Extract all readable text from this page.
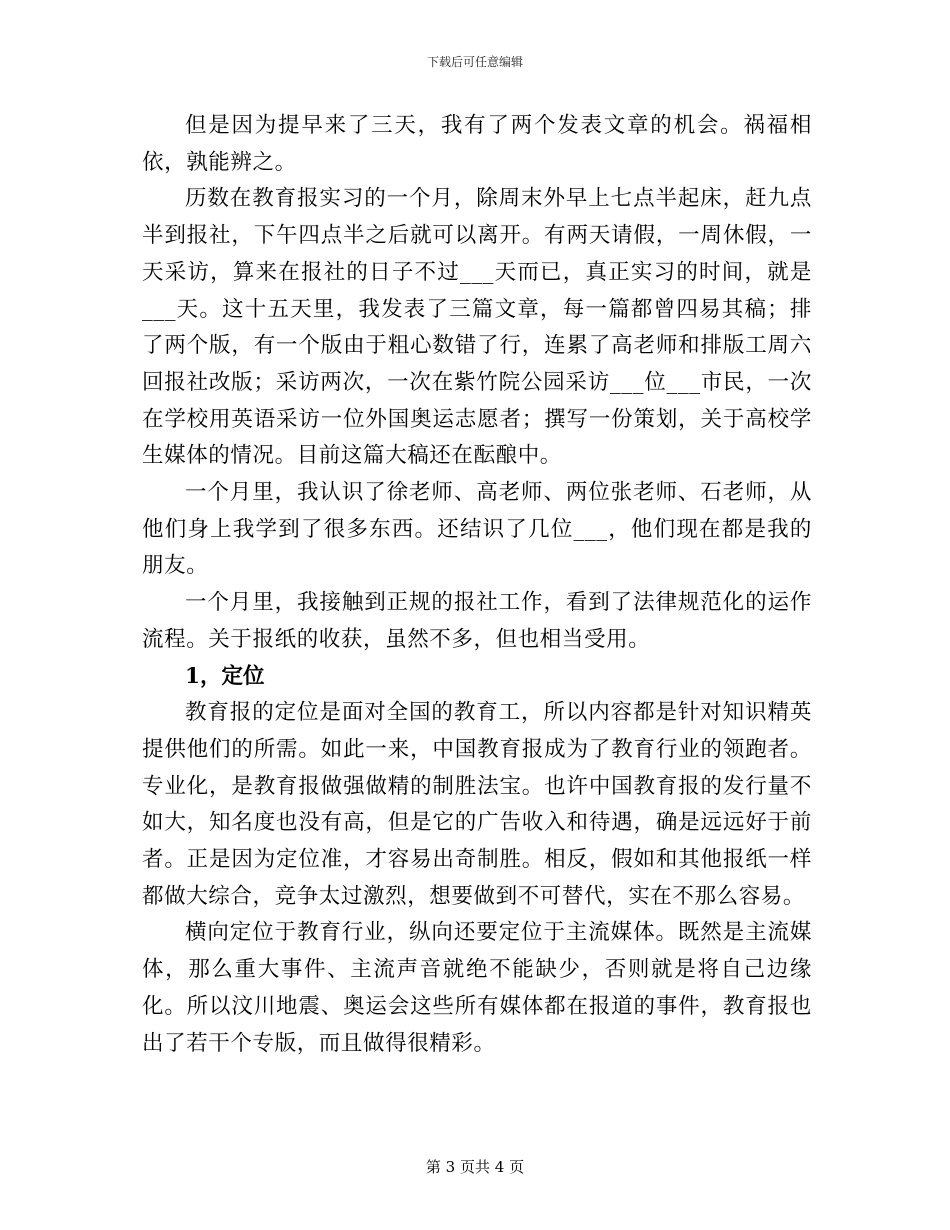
下载后可任意编辑

但是因为提早来了三天，我有了两个发表文章的机会。祸福相依，孰能辨之。

历数在教育报实习的一个月，除周末外早上七点半起床，赶九点半到报社，下午四点半之后就可以离开。有两天请假，一周休假，一天采访，算来在报社的日子不过___天而已，真正实习的时间，就是___天。这十五天里，我发表了三篇文章，每一篇都曾四易其稿；排了两个版，有一个版由于粗心数错了行，连累了高老师和排版工周六回报社改版；采访两次，一次在紫竹院公园采访___位___市民，一次在学校用英语采访一位外国奥运志愿者；撰写一份策划，关于高校学生媒体的情况。目前这篇大稿还在酝酿中。

一个月里，我认识了徐老师、高老师、两位张老师、石老师，从他们身上我学到了很多东西。还结识了几位___，他们现在都是我的朋友。

一个月里，我接触到正规的报社工作，看到了法律规范化的运作流程。关于报纸的收获，虽然不多，但也相当受用。

1，定位

教育报的定位是面对全国的教育工，所以内容都是针对知识精英提供他们的所需。如此一来，中国教育报成为了教育行业的领跑者。专业化，是教育报做强做精的制胜法宝。也许中国教育报的发行量不如大，知名度也没有高，但是它的广告收入和待遇，确是远远好于前者。正是因为定位准，才容易出奇制胜。相反，假如和其他报纸一样都做大综合，竞争太过激烈，想要做到不可替代，实在不那么容易。

横向定位于教育行业，纵向还要定位于主流媒体。既然是主流媒体，那么重大事件、主流声音就绝不能缺少，否则就是将自己边缘化。所以汶川地震、奥运会这些所有媒体都在报道的事件，教育报也出了若干个专版，而且做得很精彩。

第 3 页共 4 页
